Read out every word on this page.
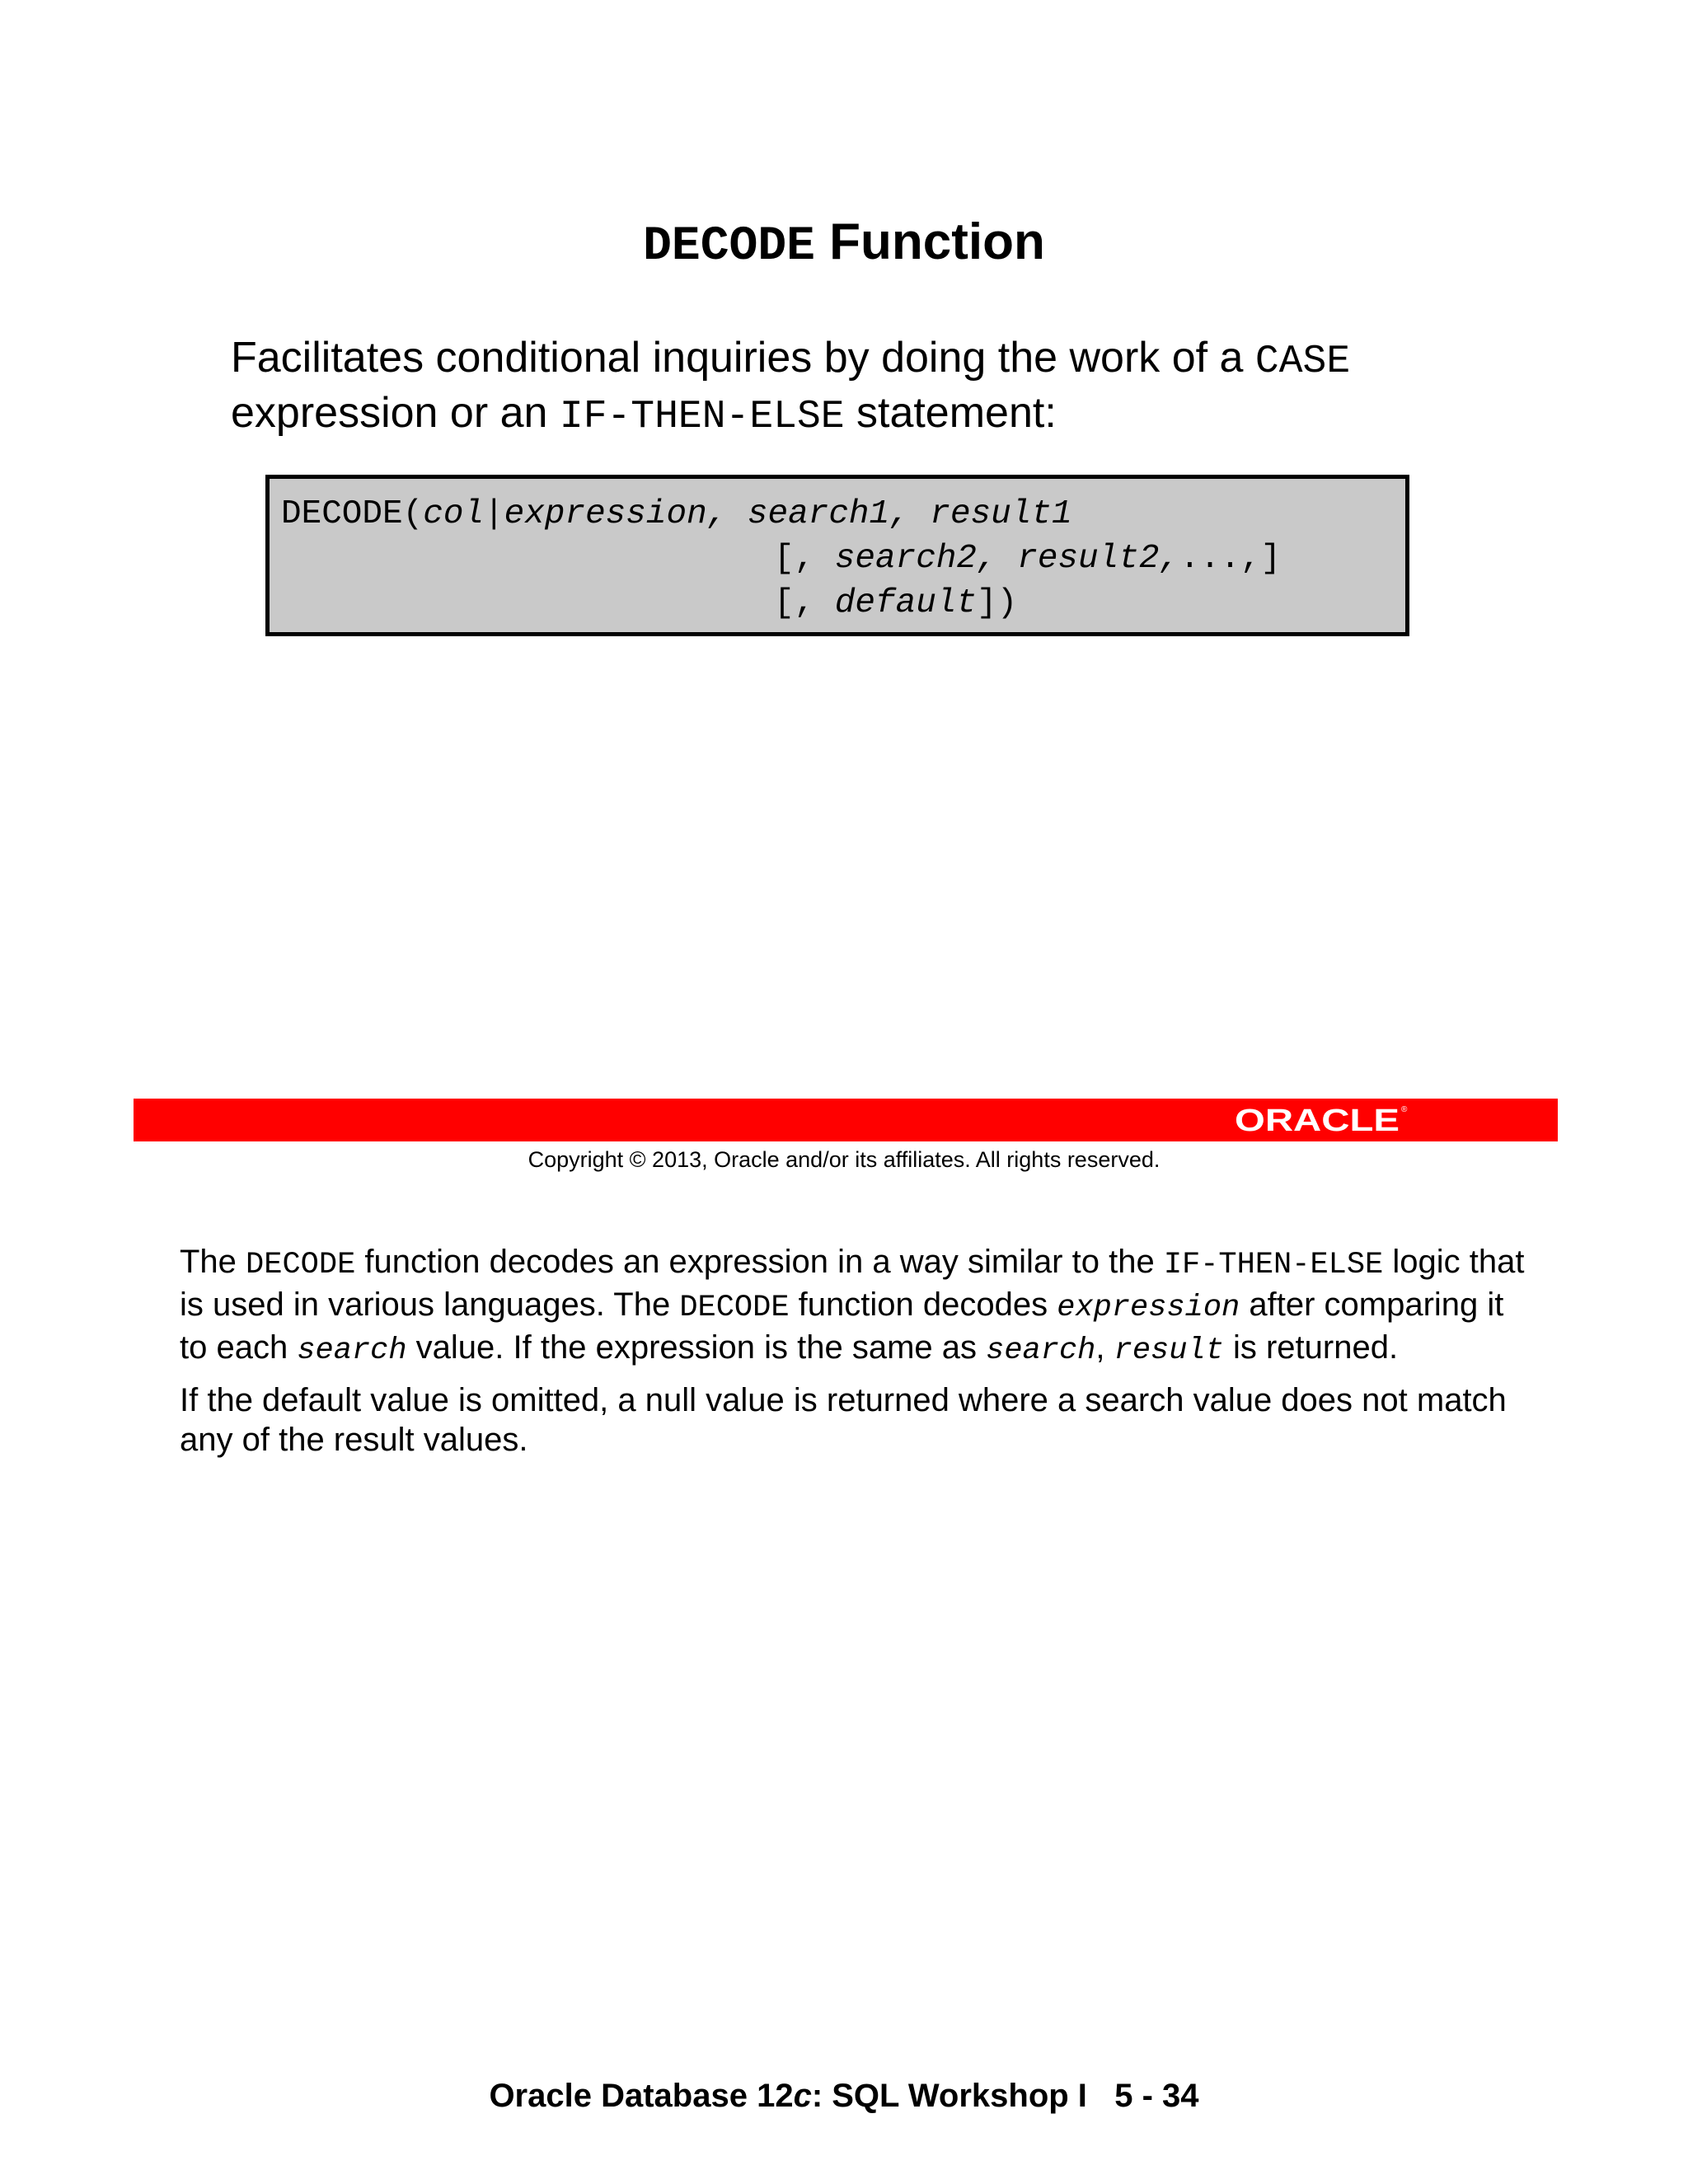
DECODE Function
Facilitates conditional inquiries by doing the work of a CASE
expression or an IF-THEN-ELSE statement:
DECODE(col|expression, search1, result1
[, search2, result2,...,]
[, default])
ORACLE ®
Copyright © 2013, Oracle and/or its affiliates. All rights reserved.

The DECODE function decodes an expression in a way similar to the IF-THEN-ELSE logic that is used in various languages. The DECODE function decodes expression after comparing it to each search value. If the expression is the same as search, result is returned.

If the default value is omitted, a null value is returned where a search value does not match any of the result values.

Oracle Database 12c: SQL Workshop I   5 - 34
